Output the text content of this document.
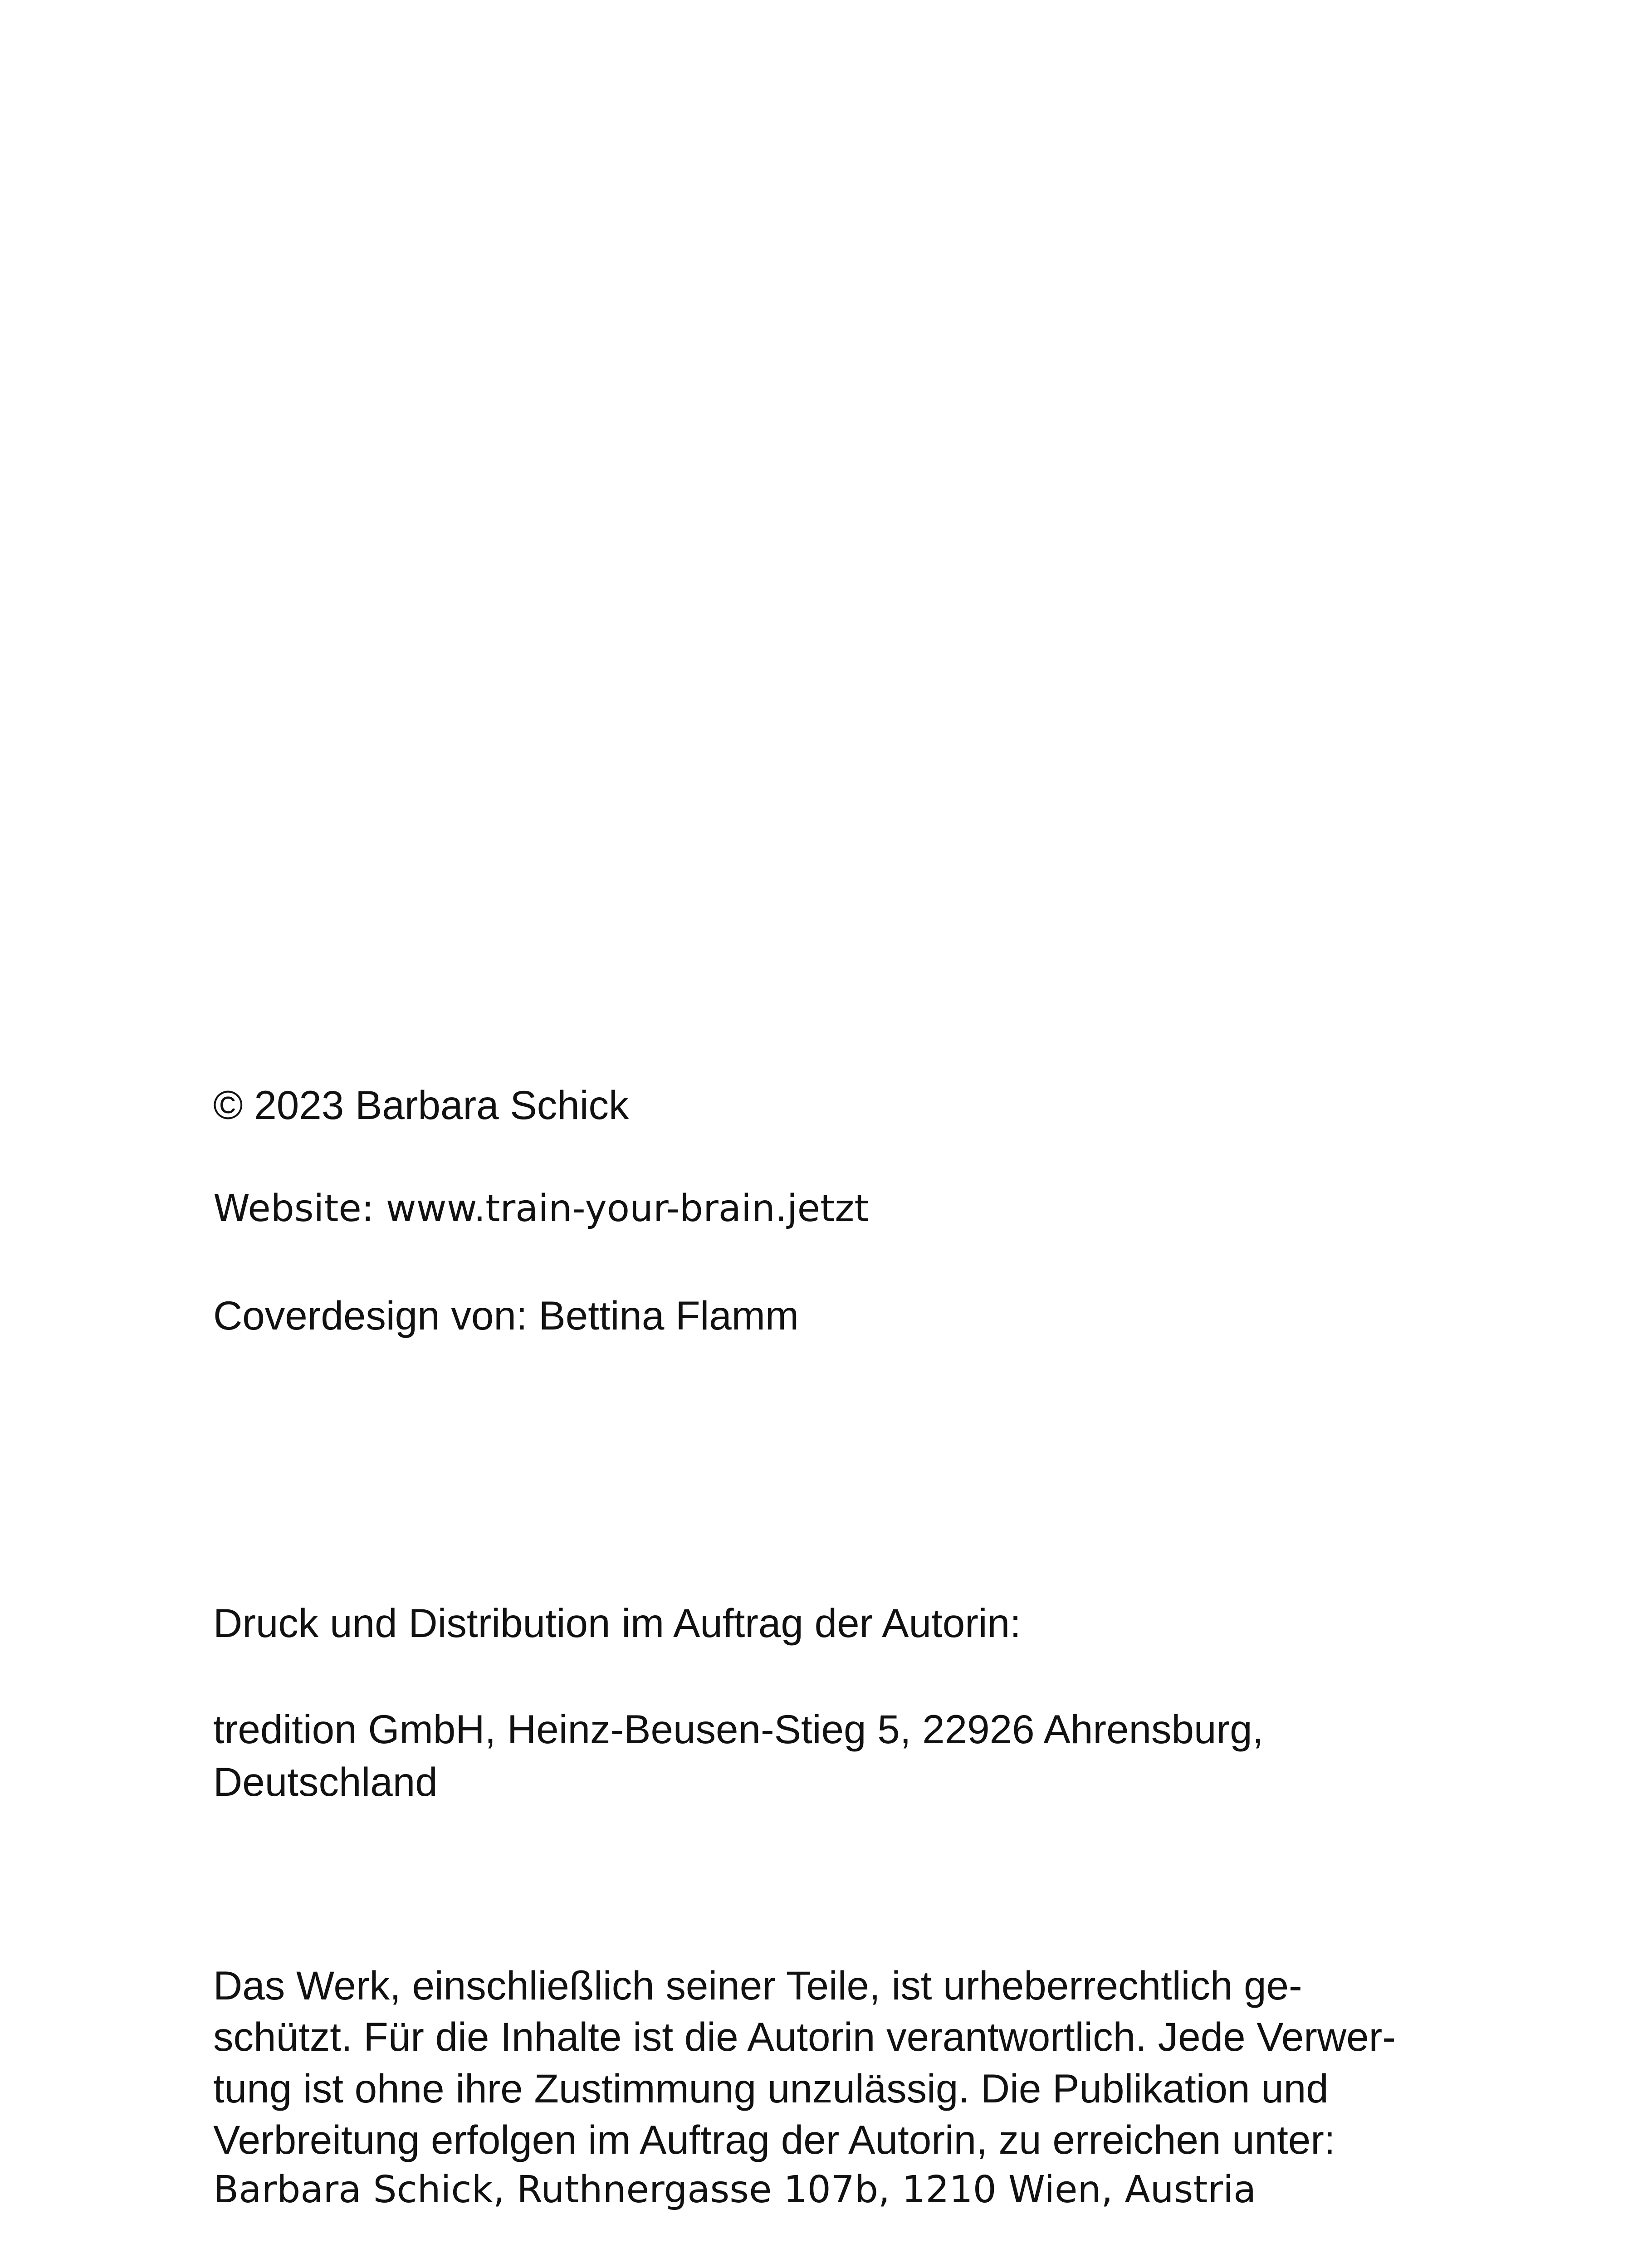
© 2023 Barbara Schick
Website: www.train-your-brain.jetzt
Coverdesign von: Bettina Flamm
Druck und Distribution im Auftrag der Autorin:
tredition GmbH, Heinz-Beusen-Stieg 5, 22926 Ahrensburg,
Deutschland
Das Werk, einschließlich seiner Teile, ist urheberrechtlich ge-
schützt. Für die Inhalte ist die Autorin verantwortlich. Jede Verwer-
tung ist ohne ihre Zustimmung unzulässig. Die Publikation und
Verbreitung erfolgen im Auftrag der Autorin, zu erreichen unter:
Barbara Schick, Ruthnergasse 107b, 1210 Wien, Austria
